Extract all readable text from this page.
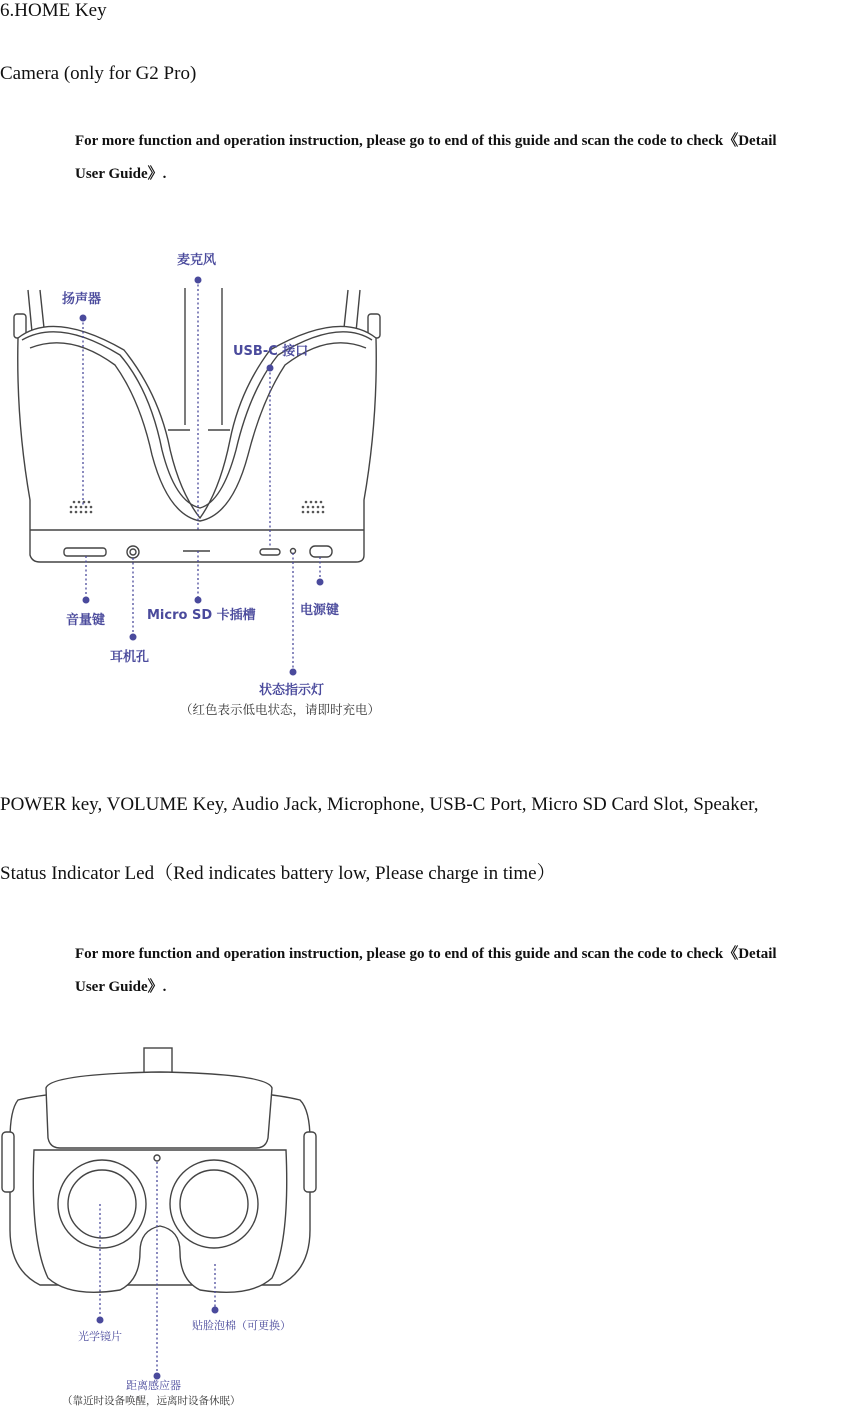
6.HOME Key
Camera (only for G2 Pro)
For more function and operation instruction, please go to end of this guide and scan the code to check《Detail
User Guide》.
麦克风
扬声器
USB-C 接口
音量键
耳机孔
Micro SD 卡插槽	电源键
状态指示灯
（红色表示低电状态，请即时充电）
POWER key, VOLUME Key, Audio Jack, Microphone, USB-C Port, Micro SD Card Slot, Speaker,
Status Indicator Led（Red indicates battery low, Please charge in time）
For more function and operation instruction, please go to end of this guide and scan the code to check《Detail
User Guide》.
光学镜片
贴脸泡棉（可更换）
距离感应器
（靠近时设备唤醒，远离时设备休眠）
